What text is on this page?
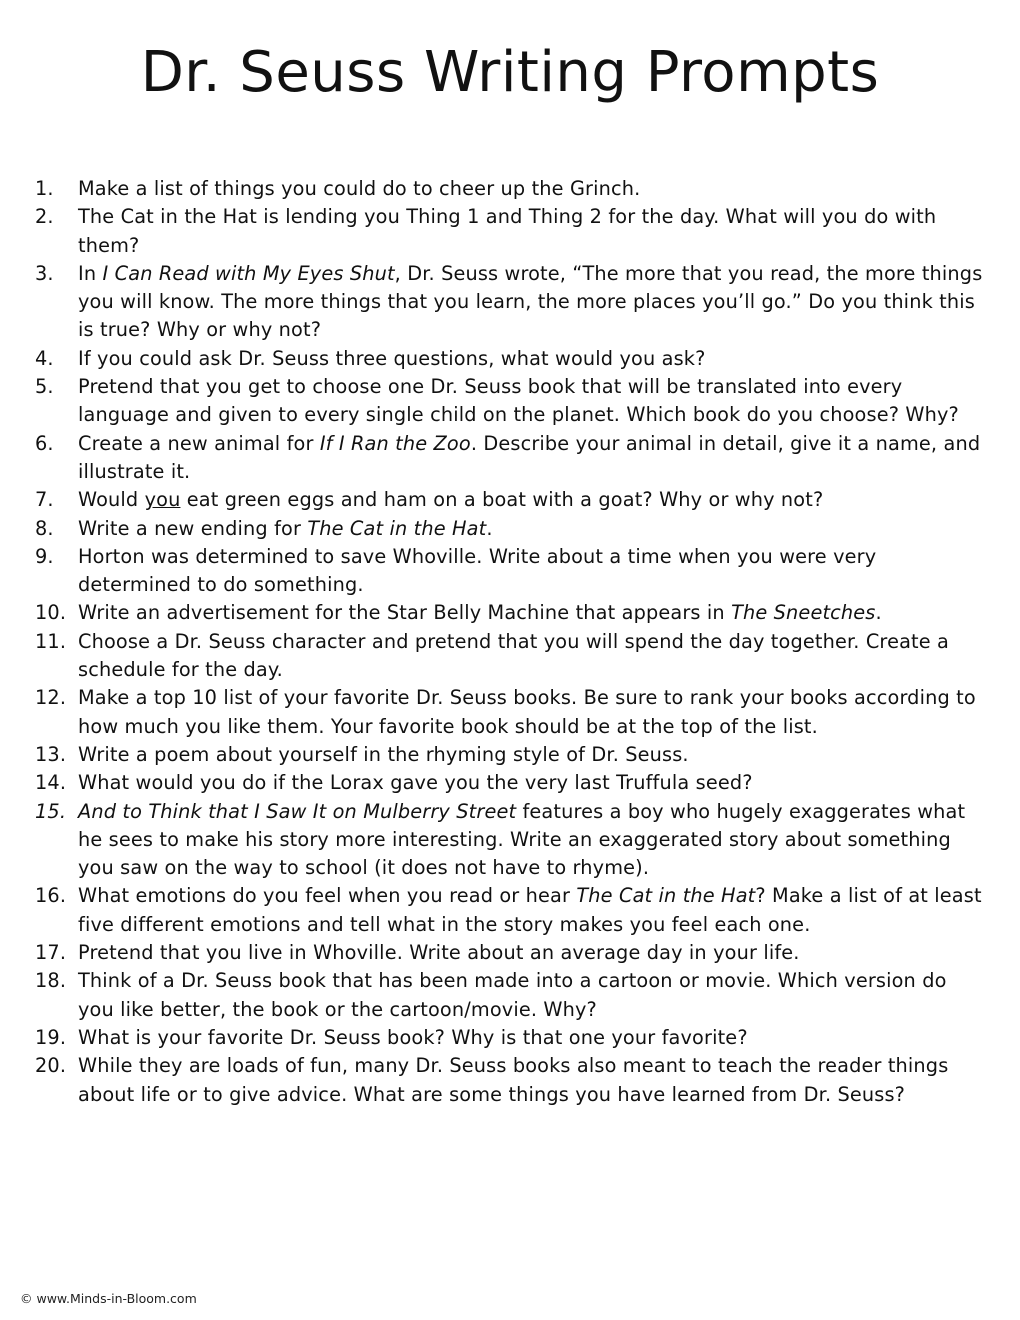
Dr. Seuss Writing Prompts
1. Make a list of things you could do to cheer up the Grinch.
2. The Cat in the Hat is lending you Thing 1 and Thing 2 for the day. What will you do with them?
3. In I Can Read with My Eyes Shut, Dr. Seuss wrote, “The more that you read, the more things you will know. The more things that you learn, the more places you’ll go.” Do you think this is true? Why or why not?
4. If you could ask Dr. Seuss three questions, what would you ask?
5. Pretend that you get to choose one Dr. Seuss book that will be translated into every language and given to every single child on the planet. Which book do you choose? Why?
6. Create a new animal for If I Ran the Zoo. Describe your animal in detail, give it a name, and illustrate it.
7. Would you eat green eggs and ham on a boat with a goat? Why or why not?
8. Write a new ending for The Cat in the Hat.
9. Horton was determined to save Whoville. Write about a time when you were very determined to do something.
10. Write an advertisement for the Star Belly Machine that appears in The Sneetches.
11. Choose a Dr. Seuss character and pretend that you will spend the day together. Create a schedule for the day.
12. Make a top 10 list of your favorite Dr. Seuss books. Be sure to rank your books according to how much you like them. Your favorite book should be at the top of the list.
13. Write a poem about yourself in the rhyming style of Dr. Seuss.
14. What would you do if the Lorax gave you the very last Truffula seed?
15. And to Think that I Saw It on Mulberry Street features a boy who hugely exaggerates what he sees to make his story more interesting. Write an exaggerated story about something you saw on the way to school (it does not have to rhyme).
16. What emotions do you feel when you read or hear The Cat in the Hat? Make a list of at least five different emotions and tell what in the story makes you feel each one.
17. Pretend that you live in Whoville. Write about an average day in your life.
18. Think of a Dr. Seuss book that has been made into a cartoon or movie. Which version do you like better, the book or the cartoon/movie. Why?
19. What is your favorite Dr. Seuss book? Why is that one your favorite?
20. While they are loads of fun, many Dr. Seuss books also meant to teach the reader things about life or to give advice. What are some things you have learned from Dr. Seuss?
© www.Minds-in-Bloom.com
